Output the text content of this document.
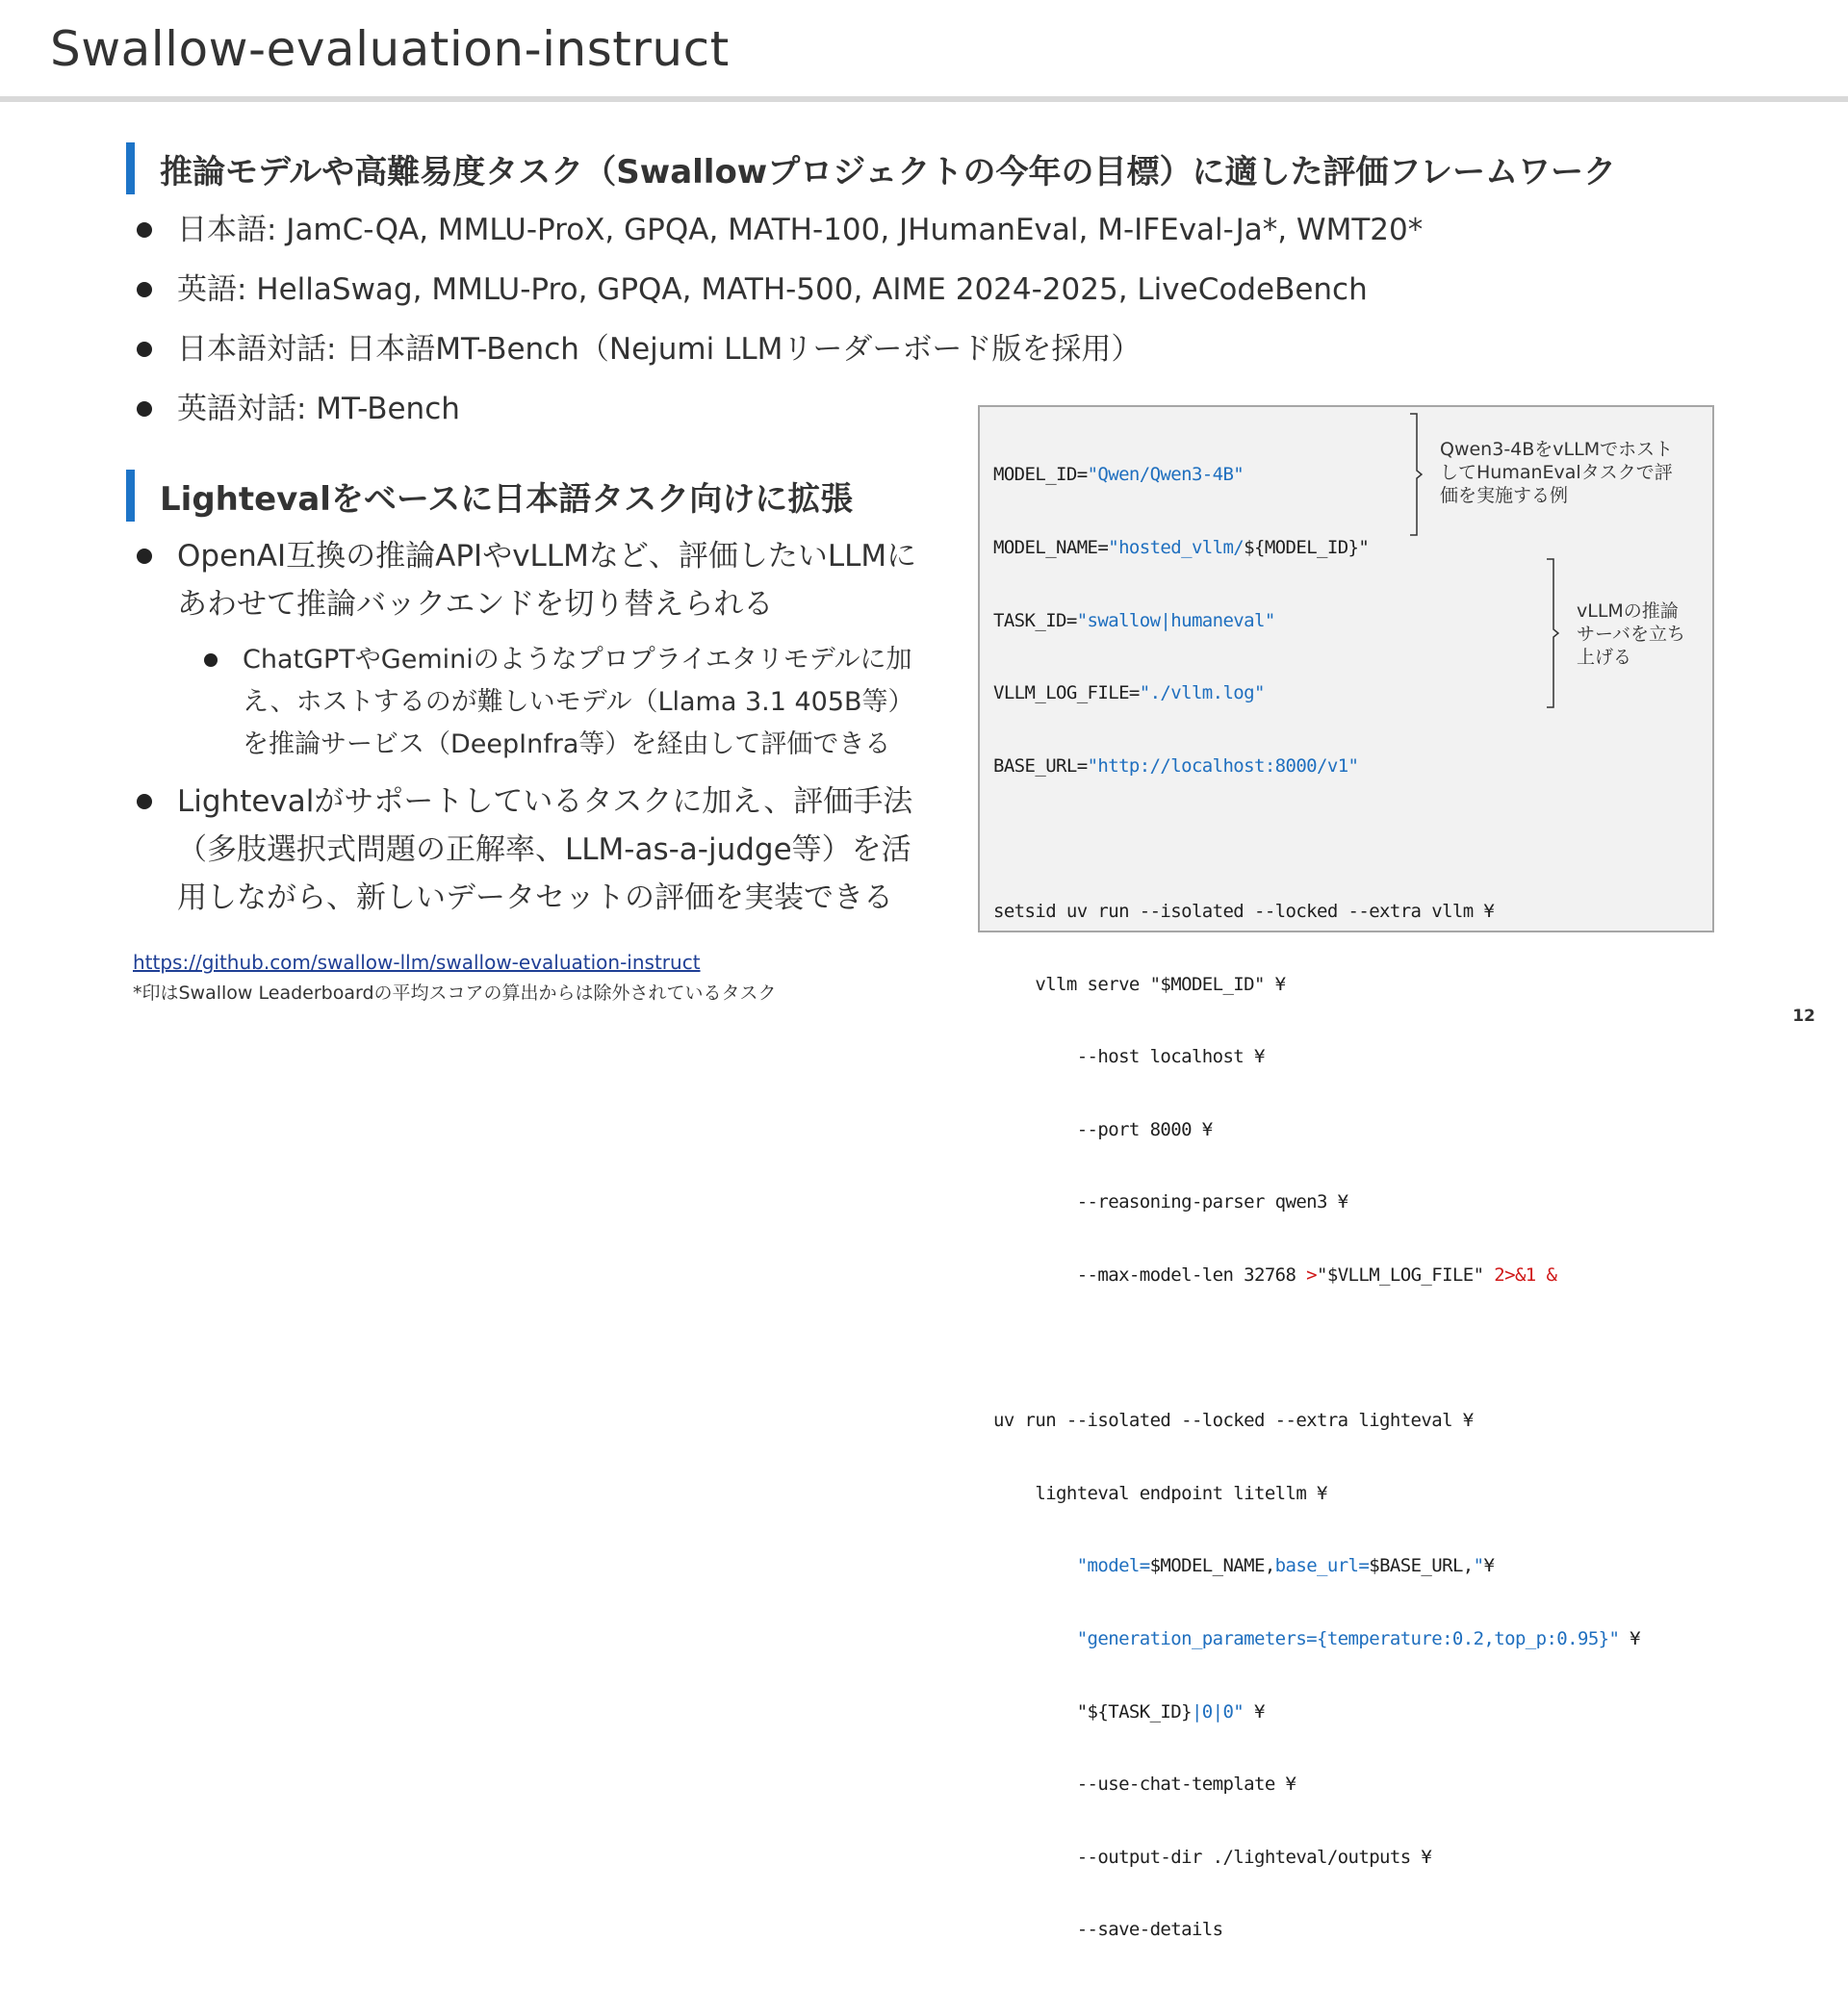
Swallow-evaluation-instruct
推論モデルや高難易度タスク（Swallowプロジェクトの今年の目標）に適した評価フレームワーク
日本語: JamC-QA, MMLU-ProX, GPQA, MATH-100, JHumanEval, M-IFEval-Ja*, WMT20*
英語: HellaSwag, MMLU-Pro, GPQA, MATH-500, AIME 2024-2025, LiveCodeBench
日本語対話: 日本語MT-Bench（Nejumi LLMリーダーボード版を採用）
英語対話: MT-Bench
Lightevalをベースに日本語タスク向けに拡張
OpenAI互換の推論APIやvLLMなど、評価したいLLMに
あわせて推論バックエンドを切り替えられる
ChatGPTやGeminiのようなプロプライエタリモデルに加
え、ホストするのが難しいモデル（Llama 3.1 405B等）
を推論サービス（DeepInfra等）を経由して評価できる
Lightevalがサポートしているタスクに加え、評価手法
（多肢選択式問題の正解率、LLM-as-a-judge等）を活
用しながら、新しいデータセットの評価を実装できる

MODEL_ID="Qwen/Qwen3-4B"

MODEL_NAME="hosted_vllm/${MODEL_ID}"

TASK_ID="swallow|humaneval"

VLLM_LOG_FILE="./vllm.log"

BASE_URL="http://localhost:8000/v1"

setsid uv run --isolated --locked --extra vllm ¥

vllm serve "$MODEL_ID" ¥

--host localhost ¥

--port 8000 ¥

--reasoning-parser qwen3 ¥

--max-model-len 32768 >"$VLLM_LOG_FILE" 2>&1 &

uv run --isolated --locked --extra lighteval ¥

lighteval endpoint litellm ¥

"model=$MODEL_NAME,base_url=$BASE_URL,"¥

"generation_parameters={temperature:0.2,top_p:0.95}" ¥

"${TASK_ID}|0|0" ¥

--use-chat-template ¥

--output-dir ./lighteval/outputs ¥

--save-details

Qwen3-4BをvLLMでホスト
してHumanEvalタスクで評
価を実施する例
vLLMの推論
サーバを立ち
上げる
https://github.com/swallow-llm/swallow-evaluation-instruct
*印はSwallow Leaderboardの平均スコアの算出からは除外されているタスク
12
